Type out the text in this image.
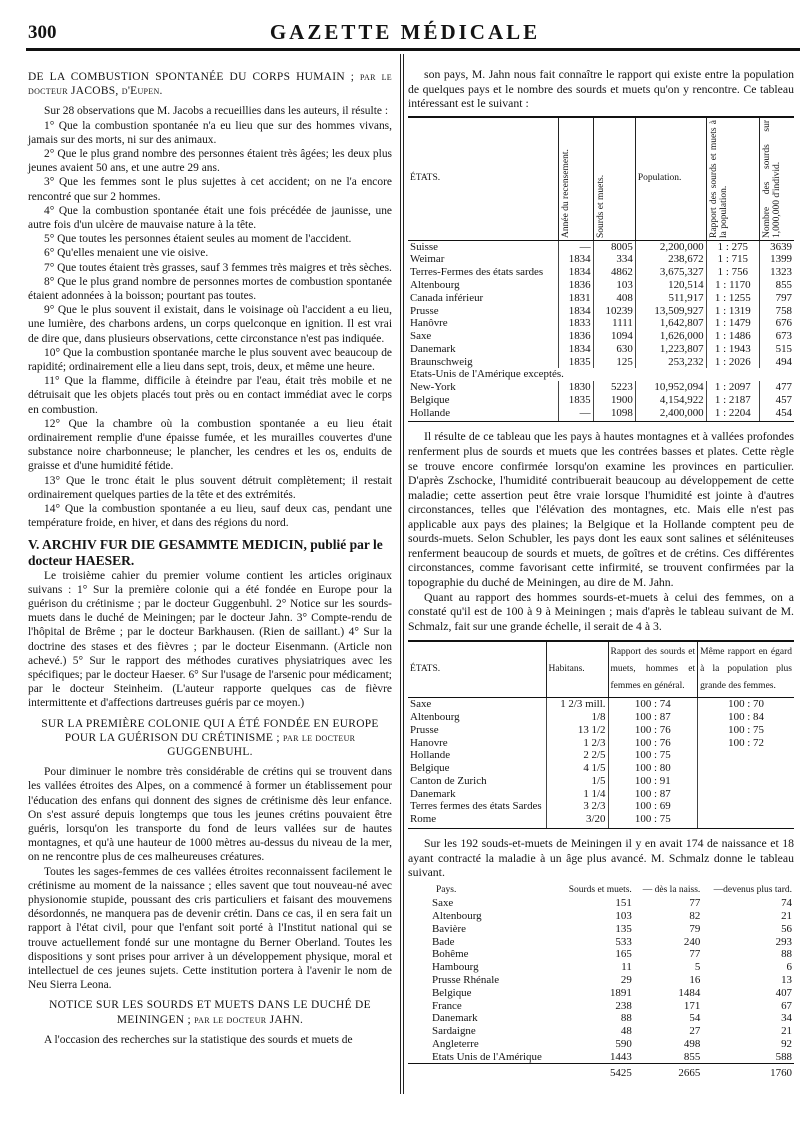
300	GAZETTE MÉDICALE

DE LA COMBUSTION SPONTANÉE DU CORPS HUMAIN ; par le docteur JACOBS, d'Eupen.

Sur 28 observations que M. Jacobs a recueillies dans les auteurs, il résulte :

1° Que la combustion spontanée n'a eu lieu que sur des hommes vivans, jamais sur des morts, ni sur des animaux.

2° Que le plus grand nombre des personnes étaient très âgées; les deux plus jeunes avaient 50 ans, et une autre 29 ans.

3° Que les femmes sont le plus sujettes à cet accident; on ne l'a encore rencontré que sur 2 hommes.

4° Que la combustion spontanée était une fois précédée de jaunisse, une autre fois d'un ulcère de mauvaise nature à la tête.

5° Que toutes les personnes étaient seules au moment de l'accident.

6° Qu'elles menaient une vie oisive.

7° Que toutes étaient très grasses, sauf 3 femmes très maigres et très sèches.

8° Que le plus grand nombre de personnes mortes de combustion spontanée étaient adonnées à la boisson; pourtant pas toutes.

9° Que le plus souvent il existait, dans le voisinage où l'accident a eu lieu, une lumière, des charbons ardens, un corps quelconque en ignition. Il est vrai de dire que, dans plusieurs observations, cette circonstance n'est pas indiquée.

10° Que la combustion spontanée marche le plus souvent avec beaucoup de rapidité; ordinairement elle a lieu dans sept, trois, deux, et même une heure.

11° Que la flamme, difficile à éteindre par l'eau, était très mobile et ne détruisait que les objets placés tout près ou en contact immédiat avec le corps en combustion.

12° Que la chambre où la combustion spontanée a eu lieu était ordinairement remplie d'une épaisse fumée, et les murailles couvertes d'une substance noire charbonneuse; le plancher, les cendres et les os, enduits de graisse et d'une humidité fétide.

13° Que le tronc était le plus souvent détruit complètement; il restait ordinairement quelques parties de la tête et des extrémités.

14° Que la combustion spontanée a eu lieu, sauf deux cas, pendant une température froide, en hiver, et dans des régions du nord.

V. ARCHIV FUR DIE GESAMMTE MEDICIN, publié par le docteur HAESER.

Le troisième cahier du premier volume contient les articles originaux suivans : 1° Sur la première colonie qui a été fondée en Europe pour la guérison du crétinisme ; par le docteur Guggenbuhl. 2° Notice sur les sourds-muets dans le duché de Meiningen; par le docteur Jahn. 3° Compte-rendu de l'hôpital de Brême ; par le docteur Barkhausen. (Rien de saillant.) 4° Sur la doctrine des stases et des fièvres ; par le docteur Eisenmann. (Article non achevé.) 5° Sur le rapport des méthodes curatives physiatriques avec les spécifiques; par le docteur Haeser. 6° Sur l'usage de l'arsenic pour médicament; par le docteur Steinheim. (L'auteur rapporte quelques cas de fièvre intermittente et d'affections dartreuses guéris par ce moyen.)

SUR LA PREMIÈRE COLONIE QUI A ÉTÉ FONDÉE EN EUROPE POUR LA GUÉRISON DU CRÉTINISME ; par le docteur GUGGENBUHL.

Pour diminuer le nombre très considérable de crétins qui se trouvent dans les vallées étroites des Alpes, on a commencé à former un établissement pour l'éducation des enfans qui donnent des signes de crétinisme dès leur enfance. On s'est assuré depuis longtemps que tous les jeunes crétins pouvaient être guéris, lorsqu'on les transporte du fond de leurs vallées sur de hautes montagnes, et qu'à une hauteur de 1000 mètres au-dessus du niveau de la mer, on ne rencontre plus de ces malheureuses créatures.

Toutes les sages-femmes de ces vallées étroites reconnaissent facilement le crétinisme au moment de la naissance ; elles savent que tout nouveau-né avec physionomie stupide, poussant des cris particuliers et faisant des mouvemens désordonnés, ne manquera pas de devenir crétin. Dans ce cas, il en sera fait un rapport à l'état civil, pour que l'enfant soit porté à l'Institut national qui se trouve actuellement fondé sur une montagne du Berner Oberland. Toutes les dispositions y sont prises pour arriver à un développement physique, moral et intellectuel de ces jeunes sujets. Cette institution portera à l'avenir le nom de Neu Sierra Leona.

NOTICE SUR LES SOURDS ET MUETS DANS LE DUCHÉ DE MEININGEN ; par le docteur JAHN.

A l'occasion des recherches sur la statistique des sourds et muets de

son pays, M. Jahn nous fait connaître le rapport qui existe entre la population de quelques pays et le nombre des sourds et muets qu'on y rencontre. Ce tableau intéressant est le suivant :

ÉTATS.	Année du recensement.	Sourds et muets.	Population.	Rapport des sourds et muets à la population.	Nombre des sourds sur 1,000,000 d'individ.

Suisse	—	8005	2,200,000	1 : 275	3639
Weimar	1834	334	238,672	1 : 715	1399
Terres-Fermes des états sardes	1834	4862	3,675,327	1 : 756	1323
Altenbourg	1836	103	120,514	1 : 1170	855
Canada inférieur	1831	408	511,917	1 : 1255	797
Prusse	1834	10239	13,509,927	1 : 1319	758
Hanôvre	1833	1111	1,642,807	1 : 1479	676
Saxe	1836	1094	1,626,000	1 : 1486	673
Danemark	1834	630	1,223,807	1 : 1943	515
Braunschweig	1835	125	253,232	1 : 2026	494
Etats-Unis de l'Amérique exceptés.					
New-York	1830	5223	10,952,094	1 : 2097	477
Belgique	1835	1900	4,154,922	1 : 2187	457
Hollande	—	1098	2,400,000	1 : 2204	454

Il résulte de ce tableau que les pays à hautes montagnes et à vallées profondes renferment plus de sourds et muets que les contrées basses et plates. Cette règle se trouve encore confirmée lorsqu'on examine les provinces en particulier. D'après Zschocke, l'humidité contribuerait beaucoup au développement de cette maladie; cette assertion peut être vraie lorsque l'humidité est jointe à d'autres circonstances, telles que l'élévation des montagnes, etc. Mais elle n'est pas applicable aux pays des plaines; la Belgique et la Hollande comptent peu de sourds-muets. Selon Schubler, les pays dont les eaux sont salines et séléniteuses renferment beaucoup de sourds et muets, de goîtres et de crétins. Ces différentes circonstances, comme favorisant cette infirmité, se trouvent confirmées par la topographie du duché de Meiningen, au dire de M. Jahn.

Quant au rapport des hommes sourds-et-muets à celui des femmes, on a constaté qu'il est de 100 à 9 à Meiningen ; mais d'après le tableau suivant de M. Schmalz, fait sur une grande échelle, il serait de 4 à 3.

ÉTATS.	Habitans.	Rapport des sourds et muets, hommes et femmes en général.	Même rapport en égard à la population plus grande des femmes.
Saxe	1 2/3 mill.	100 : 74	100 : 70
Altenbourg	1/8	100 : 87	100 : 84
Prusse	13 1/2	100 : 76	100 : 75
Hanovre	1 2/3	100 : 76	100 : 72
Hollande	2 2/5	100 : 75	
Belgique	4 1/5	100 : 80	
Canton de Zurich	1/5	100 : 91	
Danemark	1 1/4	100 : 87	
Terres fermes des états Sardes	3 2/3	100 : 69	
Rome	3/20	100 : 75	

Sur les 192 souds-et-muets de Meiningen il y en avait 174 de naissance et 18 ayant contracté la maladie à un âge plus avancé. M. Schmalz donne le tableau suivant.

Pays.	Sourds et muets.	— dès la naiss.	—devenus plus tard.
Saxe	151	77	74
Altenbourg	103	82	21
Bavière	135	79	56
Bade	533	240	293
Bohême	165	77	88
Hambourg	11	5	6
Prusse Rhénale	29	16	13
Belgique	1891	1484	407
France	238	171	67
Danemark	88	54	34
Sardaigne	48	27	21
Angleterre	590	498	92
Etats Unis de l'Amérique	1443	855	588
	5425	2665	1760
